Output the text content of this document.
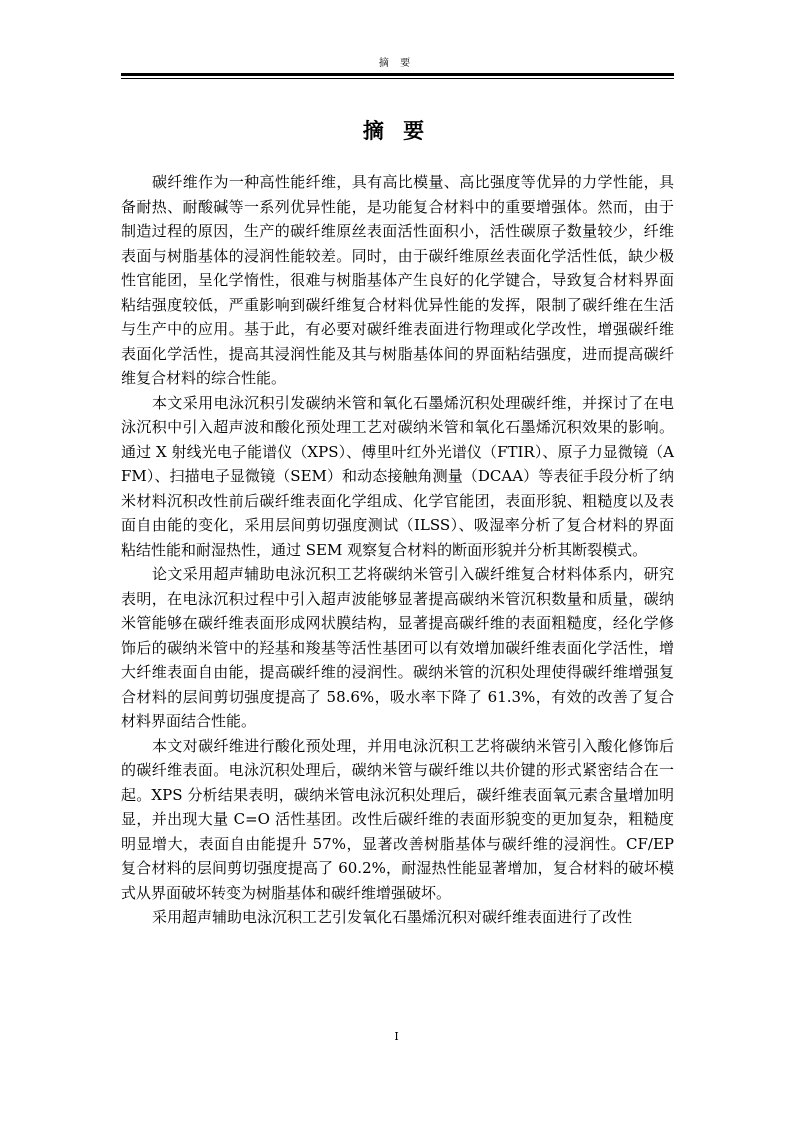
摘 要
摘 要

碳纤维作为一种高性能纤维，具有高比模量、高比强度等优异的力学性能，具备耐热、耐酸碱等一系列优异性能，是功能复合材料中的重要增强体。然而，由于制造过程的原因，生产的碳纤维原丝表面活性面积小，活性碳原子数量较少，纤维表面与树脂基体的浸润性能较差。同时，由于碳纤维原丝表面化学活性低，缺少极性官能团，呈化学惰性，很难与树脂基体产生良好的化学键合，导致复合材料界面粘结强度较低，严重影响到碳纤维复合材料优异性能的发挥，限制了碳纤维在生活与生产中的应用。基于此，有必要对碳纤维表面进行物理或化学改性，增强碳纤维表面化学活性，提高其浸润性能及其与树脂基体间的界面粘结强度，进而提高碳纤维复合材料的综合性能。

本文采用电泳沉积引发碳纳米管和氧化石墨烯沉积处理碳纤维，并探讨了在电泳沉积中引入超声波和酸化预处理工艺对碳纳米管和氧化石墨烯沉积效果的影响。通过 X 射线光电子能谱仪（XPS）、傅里叶红外光谱仪（FTIR）、原子力显微镜（AFM）、扫描电子显微镜（SEM）和动态接触角测量（DCAA）等表征手段分析了纳米材料沉积改性前后碳纤维表面化学组成、化学官能团，表面形貌、粗糙度以及表面自由能的变化，采用层间剪切强度测试（ILSS）、吸湿率分析了复合材料的界面粘结性能和耐湿热性，通过 SEM 观察复合材料的断面形貌并分析其断裂模式。

论文采用超声辅助电泳沉积工艺将碳纳米管引入碳纤维复合材料体系内，研究表明，在电泳沉积过程中引入超声波能够显著提高碳纳米管沉积数量和质量，碳纳米管能够在碳纤维表面形成网状膜结构，显著提高碳纤维的表面粗糙度，经化学修饰后的碳纳米管中的羟基和羧基等活性基团可以有效增加碳纤维表面化学活性，增大纤维表面自由能，提高碳纤维的浸润性。碳纳米管的沉积处理使得碳纤维增强复合材料的层间剪切强度提高了 58.6%，吸水率下降了 61.3%，有效的改善了复合材料界面结合性能。

本文对碳纤维进行酸化预处理，并用电泳沉积工艺将碳纳米管引入酸化修饰后的碳纤维表面。电泳沉积处理后，碳纳米管与碳纤维以共价键的形式紧密结合在一起。XPS 分析结果表明，碳纳米管电泳沉积处理后，碳纤维表面氧元素含量增加明显，并出现大量 C=O 活性基团。改性后碳纤维的表面形貌变的更加复杂，粗糙度明显增大，表面自由能提升 57%，显著改善树脂基体与碳纤维的浸润性。CF/EP 复合材料的层间剪切强度提高了 60.2%，耐湿热性能显著增加，复合材料的破坏模式从界面破坏转变为树脂基体和碳纤维增强破坏。

采用超声辅助电泳沉积工艺引发氧化石墨烯沉积对碳纤维表面进行了改性

I
